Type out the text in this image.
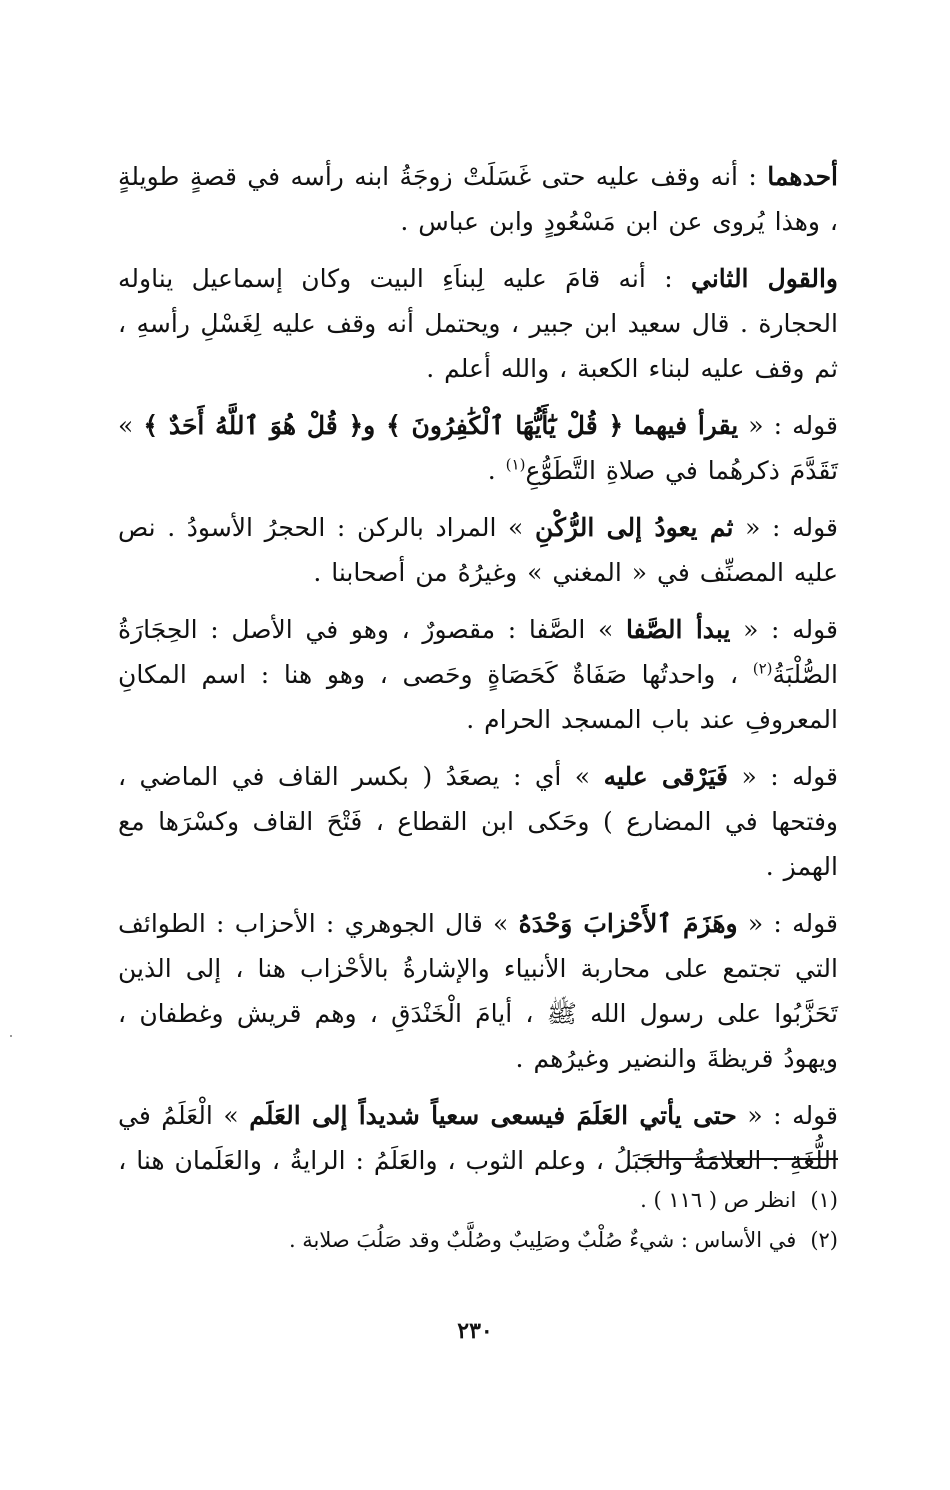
أحدهما : أنه وقف عليه حتى غَسَلَتْ زوجَةُ ابنه رأسه في قصةٍ طويلةٍ ، وهذا يُروى عن ابن مَسْعُودٍ وابن عباس .

والقول الثاني : أنه قامَ عليه لِبناَءِ البيت وكان إسماعيل يناوله الحجارة . قال سعيد ابن جبير ، ويحتمل أنه وقف عليه لِغَسْلِ رأسهِ ، ثم وقف عليه لبناء الكعبة ، والله أعلم .

قوله : « يقرأ فيهما ﴿ قُلْ يَٰٓأَيُّهَا ٱلْكَٰفِرُونَ ﴾ و﴿ قُلْ هُوَ ٱللَّهُ أَحَدٌ ﴾ » تَقَدَّمَ ذكرهُما في صلاةِ التَّطَوُّعِ$^{(١)}$ .

قوله : « ثم يعودُ إلى الرُّكْنِ » المراد بالركن : الحجرُ الأسودُ . نص عليه المصنِّف في « المغني » وغيرُهُ من أصحابنا .

قوله : « يبدأ الصَّفا » الصَّفا : مقصورٌ ، وهو في الأصل : الحِجَارَةُ الصُّلْبَةُ$^{(٢)}$ ، واحدتُها صَفَاةٌ كَحَصَاةٍ وحَصى ، وهو هنا : اسم المكانِ المعروفِ عند باب المسجد الحرام .

قوله : « فَيَرْقى عليه » أي : يصعَدُ ( بكسر القاف في الماضي ، وفتحها في المضارع ) وحَكى ابن القطاع ، فَتْحَ القاف وكسْرَها مع الهمز .

قوله : « وهَزَمَ ٱلأَحْزابَ وَحْدَهُ » قال الجوهري : الأحزاب : الطوائف التي تجتمع على محاربة الأنبياء والإشارةُ بالأحْزاب هنا ، إلى الذين تَحَزَّبُوا على رسول الله ﷺ ، أيامَ الْخَنْدَقِ ، وهم قريش وغطفان ، ويهودُ قريظةَ والنضير وغيرُهم .

قوله : « حتى يأتي العَلَمَ فيسعى سعياً شديداً إلى العَلَم » الْعَلَمُ في اللُّغَةِ : العلامَةُ والجَبَلُ ، وعلم الثوب ، والعَلَمُ : الرايةُ ، والعَلَمان هنا ،

(١)انظر ص ( ١١٦ ) .
(٢)في الأساس : شيءٌ صُلْبٌ وصَلِيبٌ وصُلَّبٌ وقد صَلُبَ صلابة .
٢٣٠
